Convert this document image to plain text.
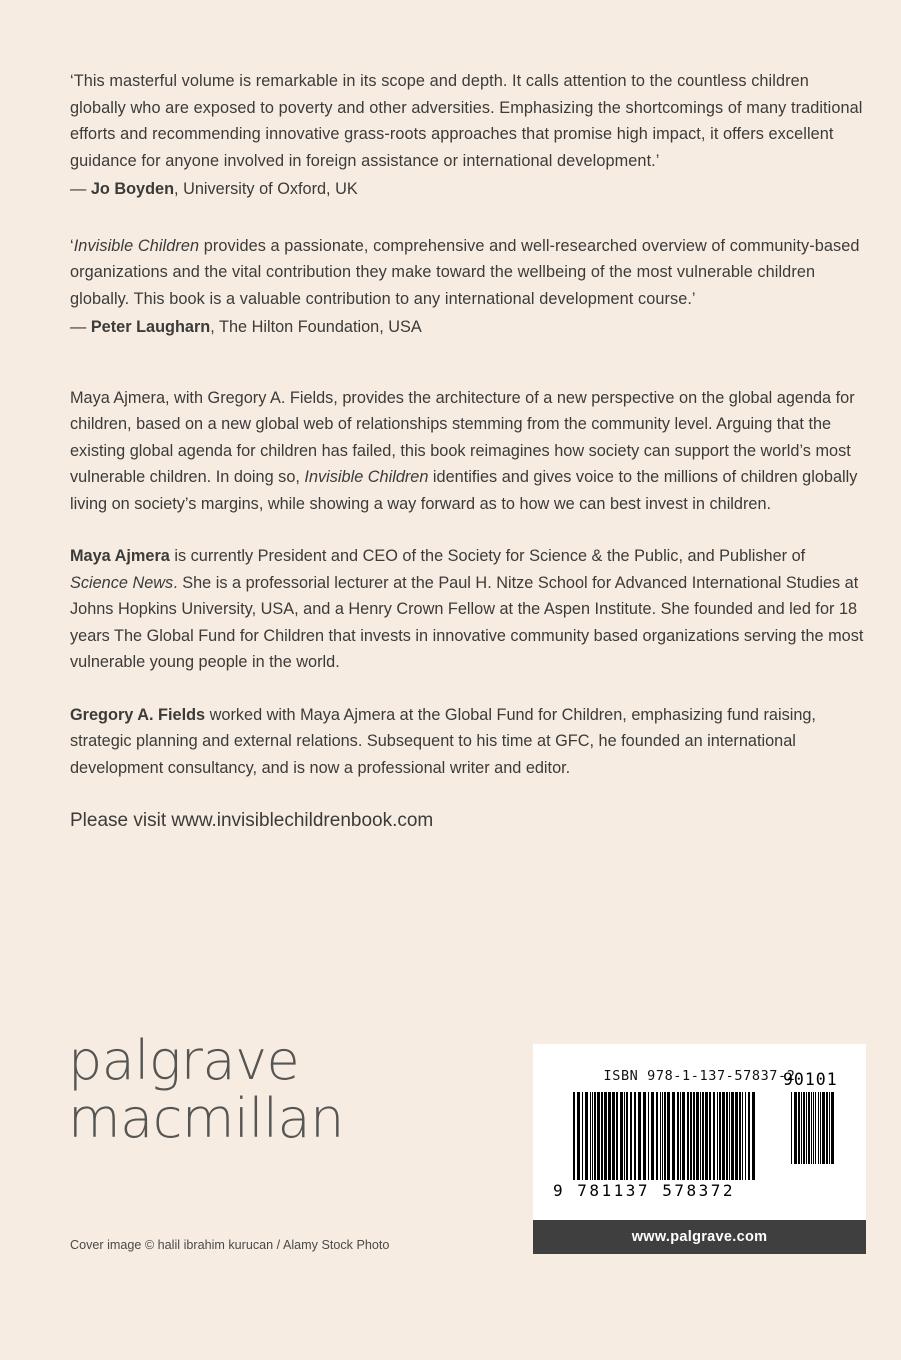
‘This masterful volume is remarkable in its scope and depth. It calls attention to the countless children globally who are exposed to poverty and other adversities. Emphasizing the shortcomings of many traditional efforts and recommending innovative grass-roots approaches that promise high impact, it offers excellent guidance for anyone involved in foreign assistance or international development.’

— Jo Boyden, University of Oxford, UK

‘Invisible Children provides a passionate, comprehensive and well-researched overview of community-based organizations and the vital contribution they make toward the wellbeing of the most vulnerable children globally. This book is a valuable contribution to any international development course.’

— Peter Laugharn, The Hilton Foundation, USA

Maya Ajmera, with Gregory A. Fields, provides the architecture of a new perspective on the global agenda for children, based on a new global web of relationships stemming from the community level. Arguing that the existing global agenda for children has failed, this book reimagines how society can support the world’s most vulnerable children. In doing so, Invisible Children identifies and gives voice to the millions of children globally living on society’s margins, while showing a way forward as to how we can best invest in children.

Maya Ajmera is currently President and CEO of the Society for Science & the Public, and Publisher of Science News. She is a professorial lecturer at the Paul H. Nitze School for Advanced International Studies at Johns Hopkins University, USA, and a Henry Crown Fellow at the Aspen Institute. She founded and led for 18 years The Global Fund for Children that invests in innovative community based organizations serving the most vulnerable young people in the world.

Gregory A. Fields worked with Maya Ajmera at the Global Fund for Children, emphasizing fund raising, strategic planning and external relations. Subsequent to his time at GFC, he founded an international development consultancy, and is now a professional writer and editor.

Please visit www.invisiblechildrenbook.com

palgrave
macmillan
Cover image © halil ibrahim kurucan / Alamy Stock Photo
ISBN 978-1-137-57837-2
90101
9 781137 578372
www.palgrave.com
